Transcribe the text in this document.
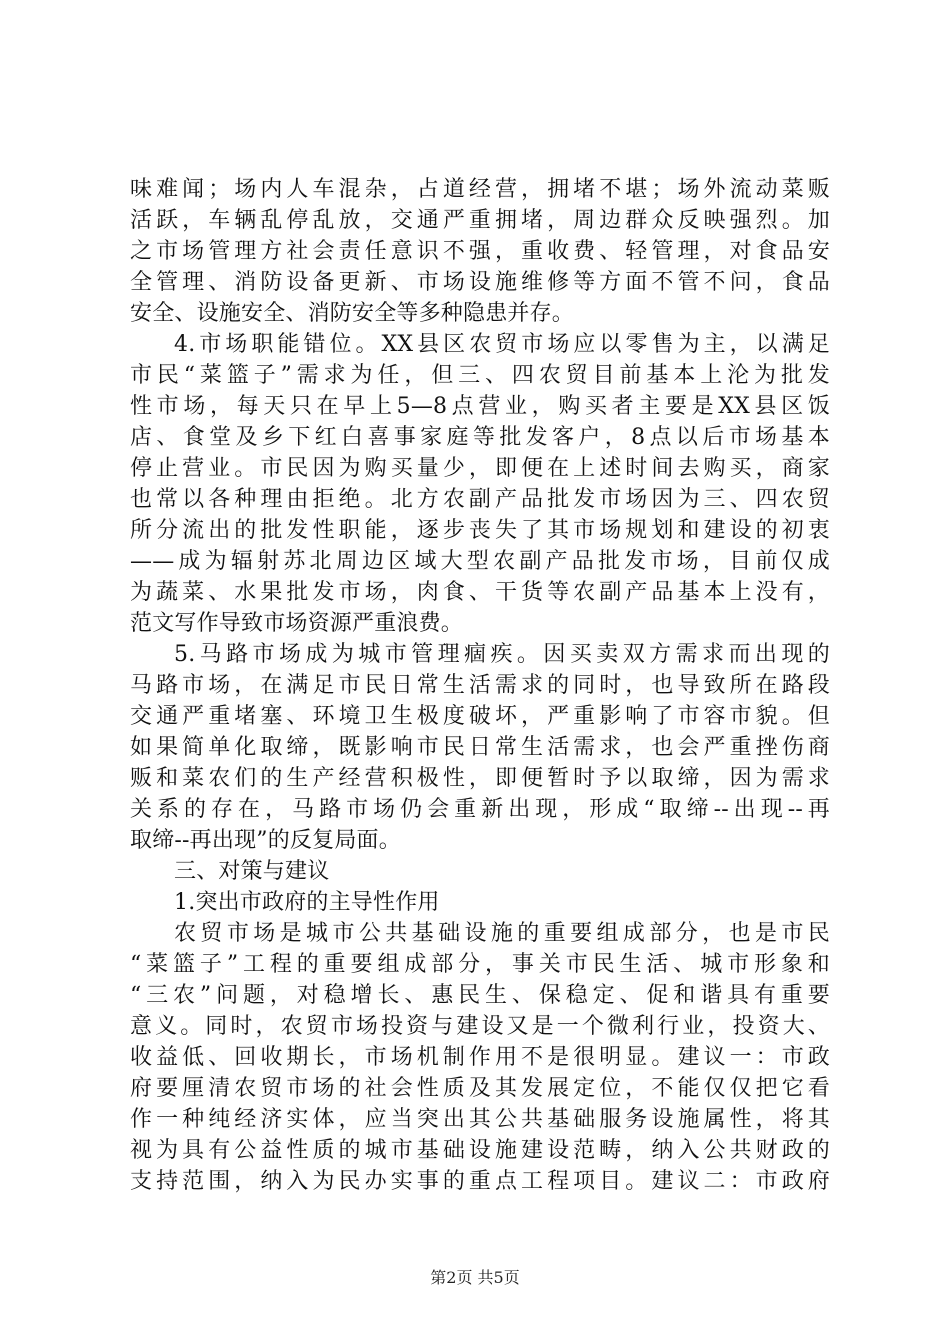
味难闻；场内人车混杂，占道经营，拥堵不堪；场外流动菜贩
活跃，车辆乱停乱放，交通严重拥堵，周边群众反映强烈。加
之市场管理方社会责任意识不强，重收费、轻管理，对食品安
全管理、消防设备更新、市场设施维修等方面不管不问，食品
安全、设施安全、消防安全等多种隐患并存。
4.市场职能错位。XX县区农贸市场应以零售为主，以满足
市民“菜篮子”需求为任，但三、四农贸目前基本上沦为批发
性市场，每天只在早上5—8点营业，购买者主要是XX县区饭
店、食堂及乡下红白喜事家庭等批发客户，8点以后市场基本
停止营业。市民因为购买量少，即便在上述时间去购买，商家
也常以各种理由拒绝。北方农副产品批发市场因为三、四农贸
所分流出的批发性职能，逐步丧失了其市场规划和建设的初衷
——成为辐射苏北周边区域大型农副产品批发市场，目前仅成
为蔬菜、水果批发市场，肉食、干货等农副产品基本上没有，
范文写作导致市场资源严重浪费。
5.马路市场成为城市管理痼疾。因买卖双方需求而出现的
马路市场，在满足市民日常生活需求的同时，也导致所在路段
交通严重堵塞、环境卫生极度破坏，严重影响了市容市貌。但
如果简单化取缔，既影响市民日常生活需求，也会严重挫伤商
贩和菜农们的生产经营积极性，即便暂时予以取缔，因为需求
关系的存在，马路市场仍会重新出现，形成“取缔--出现--再
取缔--再出现”的反复局面。
三、对策与建议
1.突出市政府的主导性作用
农贸市场是城市公共基础设施的重要组成部分，也是市民
“菜篮子”工程的重要组成部分，事关市民生活、城市形象和
“三农”问题，对稳增长、惠民生、保稳定、促和谐具有重要
意义。同时，农贸市场投资与建设又是一个微利行业，投资大、
收益低、回收期长，市场机制作用不是很明显。建议一：市政
府要厘清农贸市场的社会性质及其发展定位，不能仅仅把它看
作一种纯经济实体，应当突出其公共基础服务设施属性，将其
视为具有公益性质的城市基础设施建设范畴，纳入公共财政的
支持范围，纳入为民办实事的重点工程项目。建议二：市政府
第2页 共5页
